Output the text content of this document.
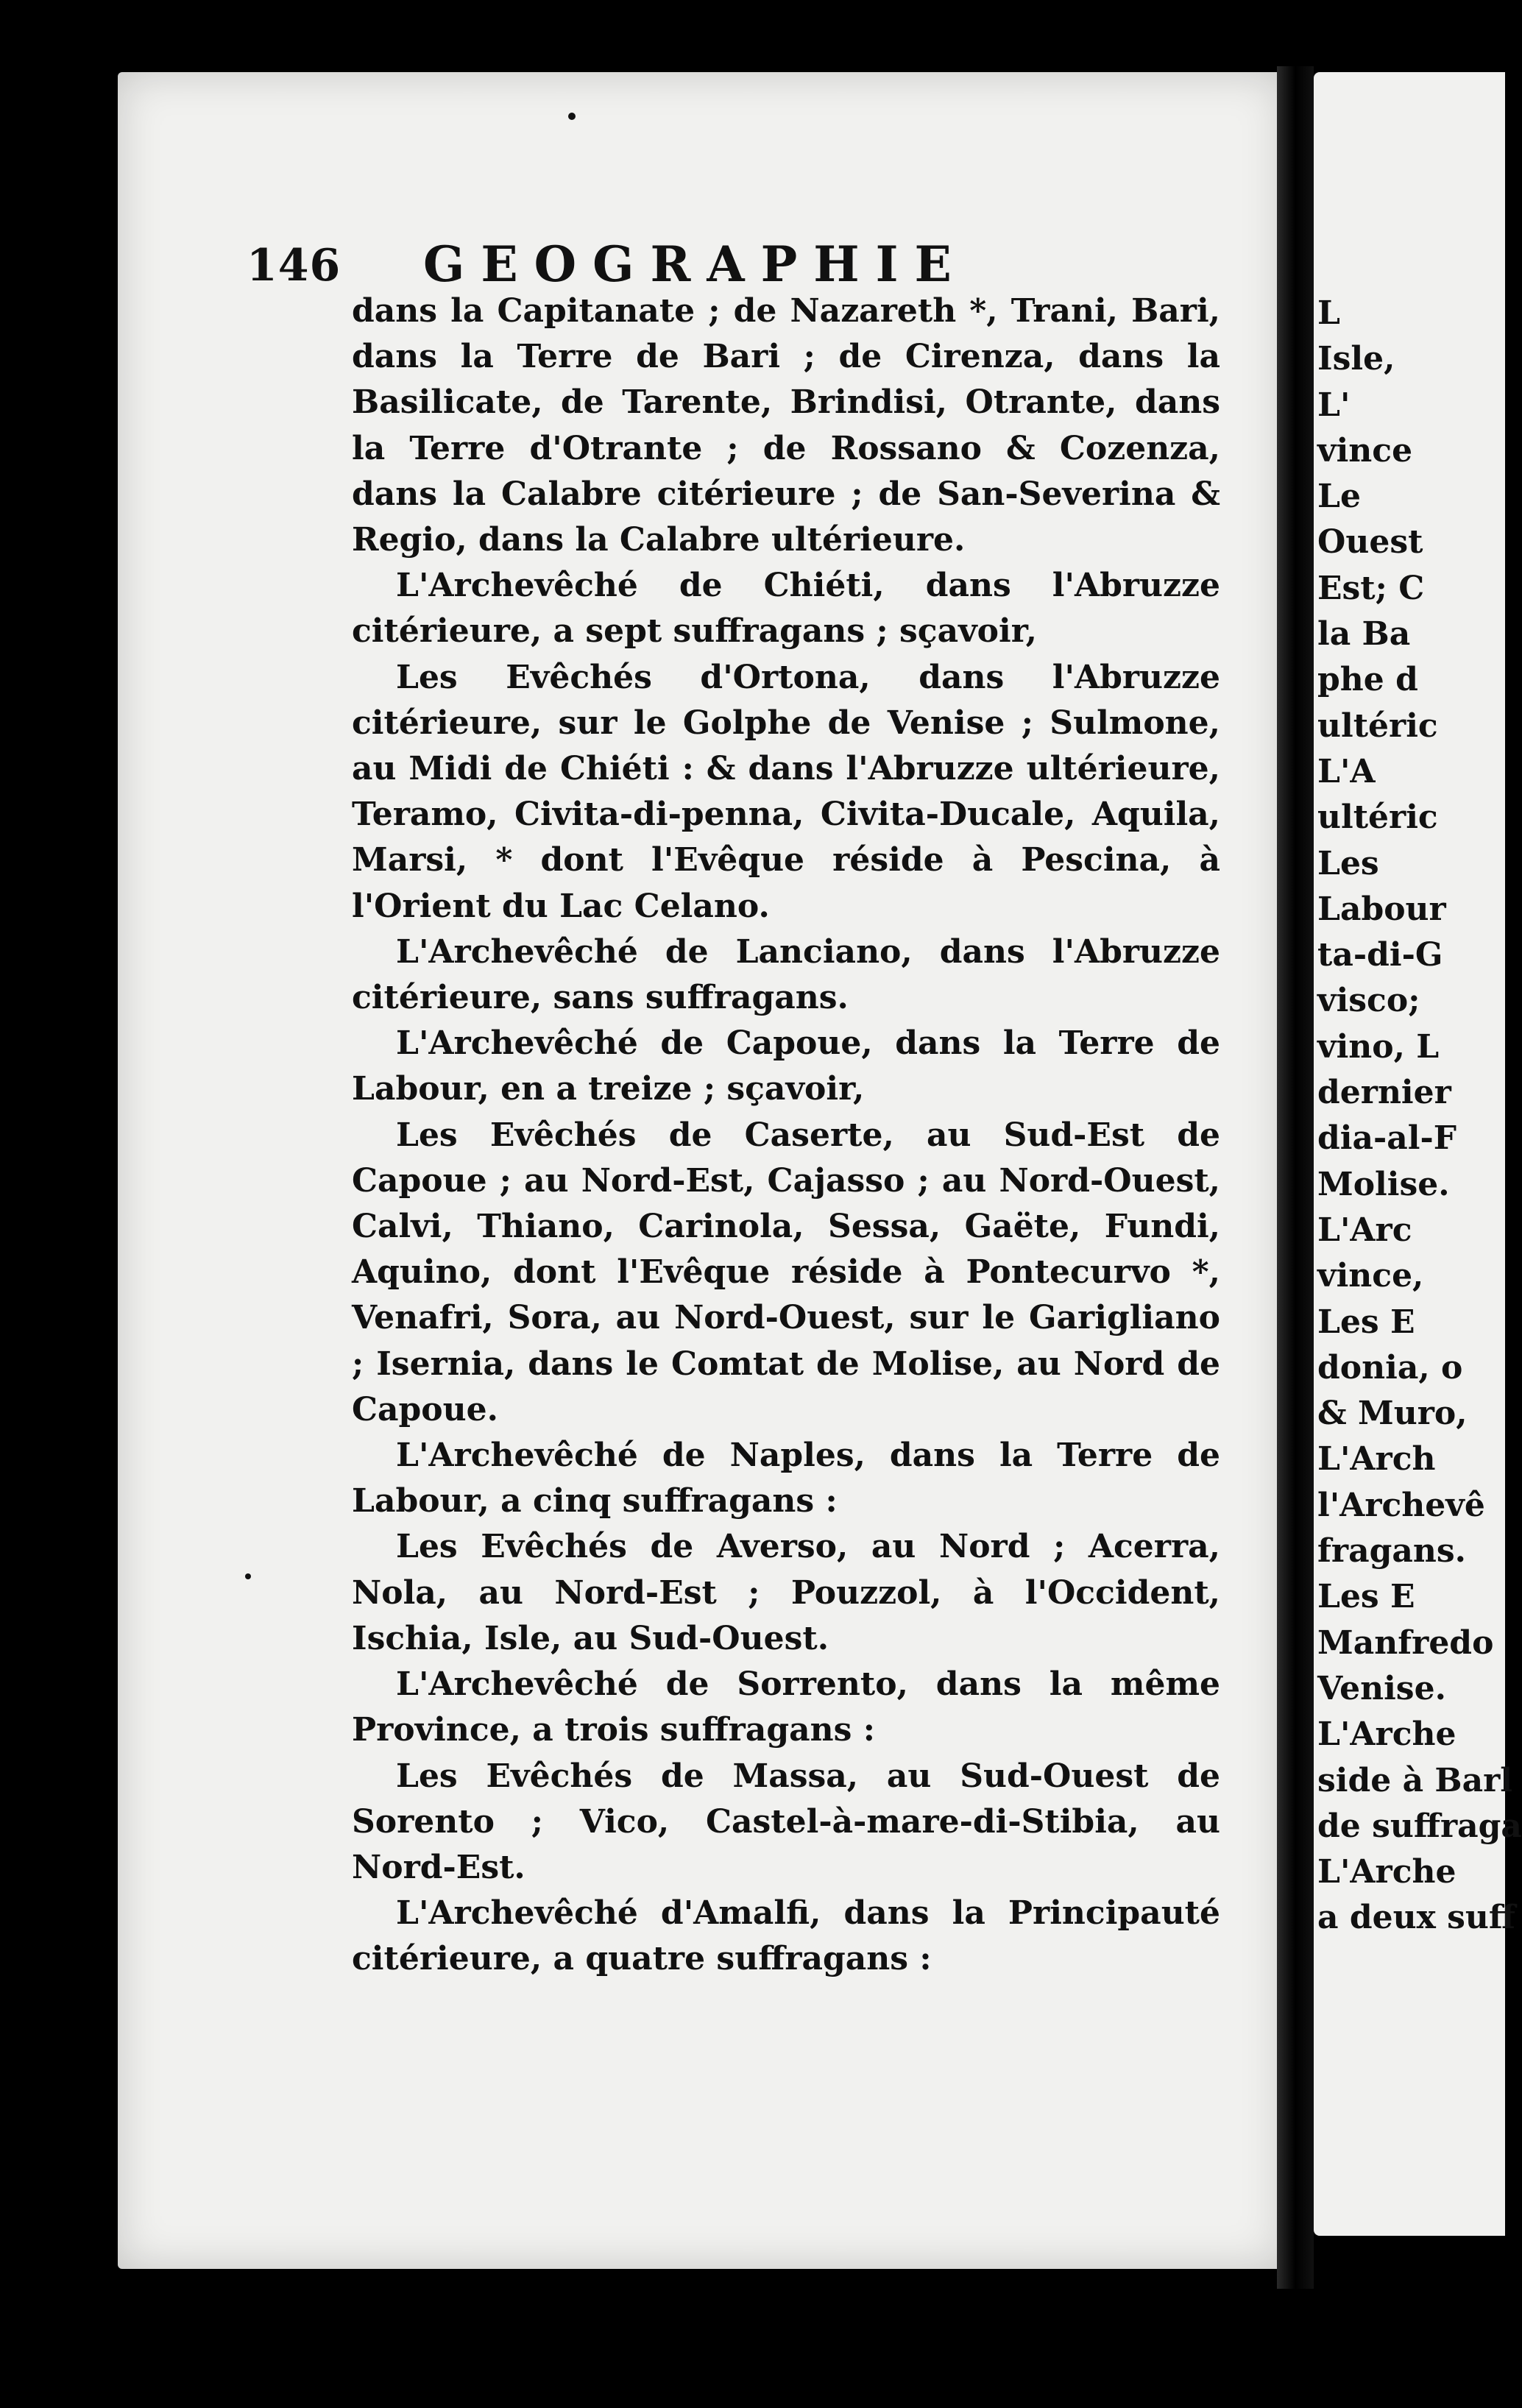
146 GEOGRAPHIE

dans la Capitanate ; de Nazareth *, Trani, Bari, dans la Terre de Bari ; de Cirenza, dans la Basilicate, de Tarente, Brindisi, Otrante, dans la Terre d'Otrante ; de Rossano & Cozenza, dans la Calabre citérieure ; de San-Severina & Regio, dans la Calabre ultérieure.

L'Archevêché de Chiéti, dans l'Abruzze citérieure, a sept suffragans ; sçavoir,

Les Evêchés d'Ortona, dans l'Abruzze citérieure, sur le Golphe de Venise ; Sulmone, au Midi de Chiéti : & dans l'Abruzze ultérieure, Teramo, Civita-di-penna, Civita-Ducale, Aquila, Marsi, * dont l'Evêque réside à Pescina, à l'Orient du Lac Celano.

L'Archevêché de Lanciano, dans l'Abruzze citérieure, sans suffragans.

L'Archevêché de Capoue, dans la Terre de Labour, en a treize ; sçavoir,

Les Evêchés de Caserte, au Sud-Est de Capoue ; au Nord-Est, Cajasso ; au Nord-Ouest, Calvi, Thiano, Carinola, Sessa, Gaëte, Fundi, Aquino, dont l'Evêque réside à Pontecurvo *, Venafri, Sora, au Nord-Ouest, sur le Garigliano ; Isernia, dans le Comtat de Molise, au Nord de Capoue.

L'Archevêché de Naples, dans la Terre de Labour, a cinq suffragans :

Les Evêchés de Averso, au Nord ; Acerra, Nola, au Nord-Est ; Pouzzol, à l'Occident, Ischia, Isle, au Sud-Ouest.

L'Archevêché de Sorrento, dans la même Province, a trois suffragans :

Les Evêchés de Massa, au Sud-Ouest de Sorento ; Vico, Castel-à-mare-di-Stibia, au Nord-Est.

L'Archevêché d'Amalfi, dans la Principauté citérieure, a quatre suffragans :

L
Isle,
L'
vince
Le
Ouest
Est; C
la Ba
phe d
ultéric
L'A
ultéric
Les
Labour
ta-di-G
visco;
vino, L
dernier
dia-al-F
Molise.
L'Arc
vince,
Les E
donia, o
& Muro,
L'Arch
l'Archevê
fragans.
Les E
Manfredo
Venise.
L'Arche
side à Barl
de suffraga
L'Arche
a deux suff
